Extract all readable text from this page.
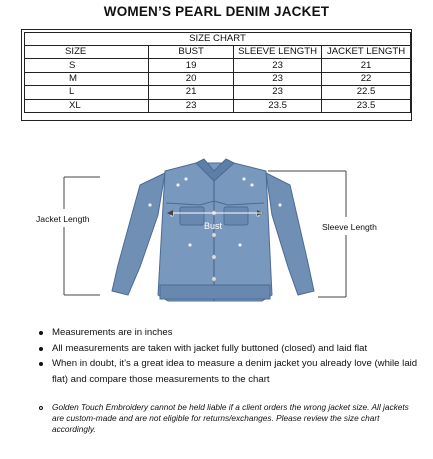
WOMEN’S PEARL DENIM JACKET
SIZE CHART			
SIZE	BUST	SLEEVE LENGTH	JACKET LENGTH
S	19	23	21
M	20	23	22
L	21	23	22.5
XL	23	23.5	23.5
Jacket Length
Sleeve Length
Bust
Measurements are in inches
All measurements are taken with jacket fully buttoned (closed) and laid flat
When in doubt, it’s a great idea to measure a denim jacket you already love (while laid flat) and compare those measurements to the chart
Golden Touch Embroidery cannot be held liable if a client orders the wrong jacket size. All jackets are custom-made and are not eligible for returns/exchanges. Please review the size chart accordingly.
